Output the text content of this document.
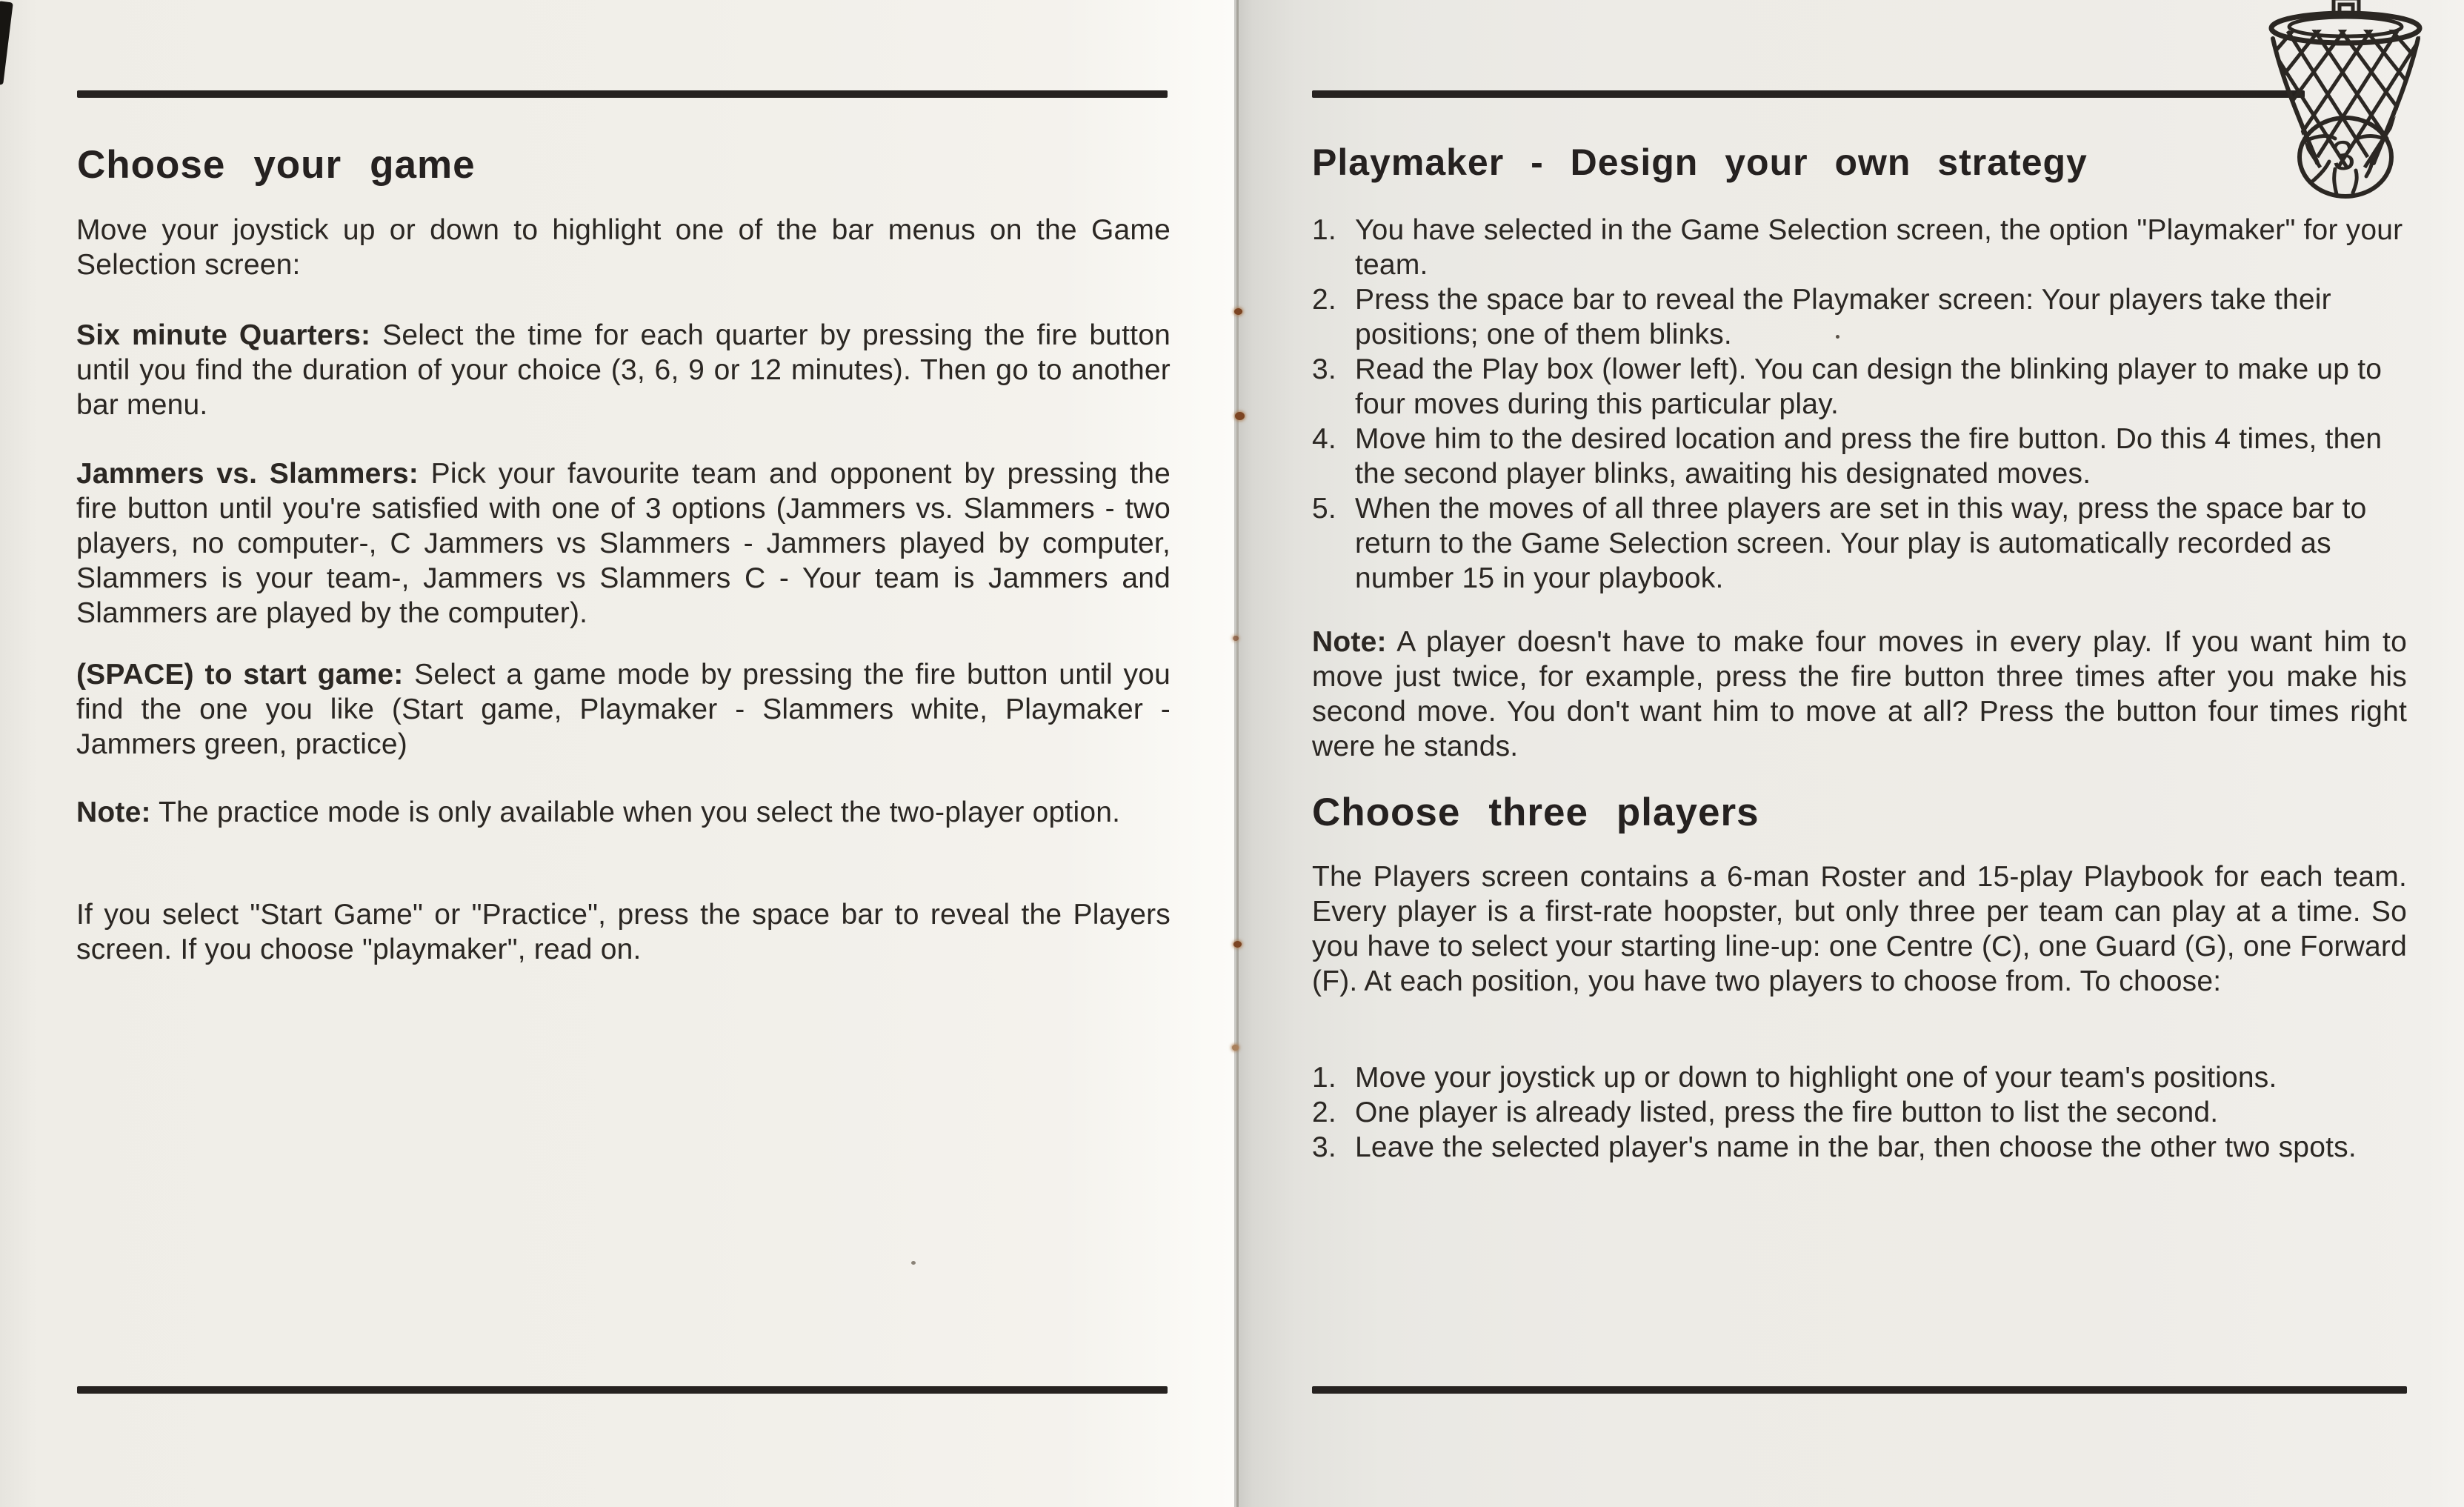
Choose your game

Move your joystick up or down to highlight one of the bar menus on the Game Selection screen:

Six minute Quarters: Select the time for each quarter by pressing the fire button until you find the duration of your choice (3, 6, 9 or 12 minutes). Then go to another bar menu.

Jammers vs. Slammers: Pick your favourite team and opponent by pressing the fire button until you're satisfied with one of 3 options (Jammers vs. Slammers - two players, no computer-, C Jammers vs Slammers - Jammers played by computer, Slammers is your team-, Jammers vs Slammers C - Your team is Jammers and Slammers are played by the computer).

(SPACE) to start game: Select a game mode by pressing the fire button until you find the one you like (Start game, Playmaker - Slammers white, Playmaker - Jammers green, practice)

Note: The practice mode is only available when you select the two-player option.

If you select "Start Game" or "Practice", press the space bar to reveal the Players screen. If you choose "playmaker", read on.

Playmaker - Design your own strategy
1. You have selected in the Game Selection screen, the option "Playmaker" for your team.
2. Press the space bar to reveal the Playmaker screen: Your players take their positions; one of them blinks.
3. Read the Play box (lower left). You can design the blinking player to make up to four moves during this particular play.
4. Move him to the desired location and press the fire button. Do this 4 times, then the second player blinks, awaiting his designated moves.
5. When the moves of all three players are set in this way, press the space bar to return to the Game Selection screen. Your play is automatically recorded as number 15 in your playbook.

Note: A player doesn't have to make four moves in every play. If you want him to move just twice, for example, press the fire button three times after you make his second move. You don't want him to move at all? Press the button four times right were he stands.

Choose three players

The Players screen contains a 6-man Roster and 15-play Playbook for each team. Every player is a first-rate hoopster, but only three per team can play at a time. So you have to select your starting line-up: one Centre (C), one Guard (G), one Forward (F). At each position, you have two players to choose from. To choose:

1. Move your joystick up or down to highlight one of your team's positions.
2. One player is already listed, press the fire button to list the second.
3. Leave the selected player's name in the bar, then choose the other two spots.
3
